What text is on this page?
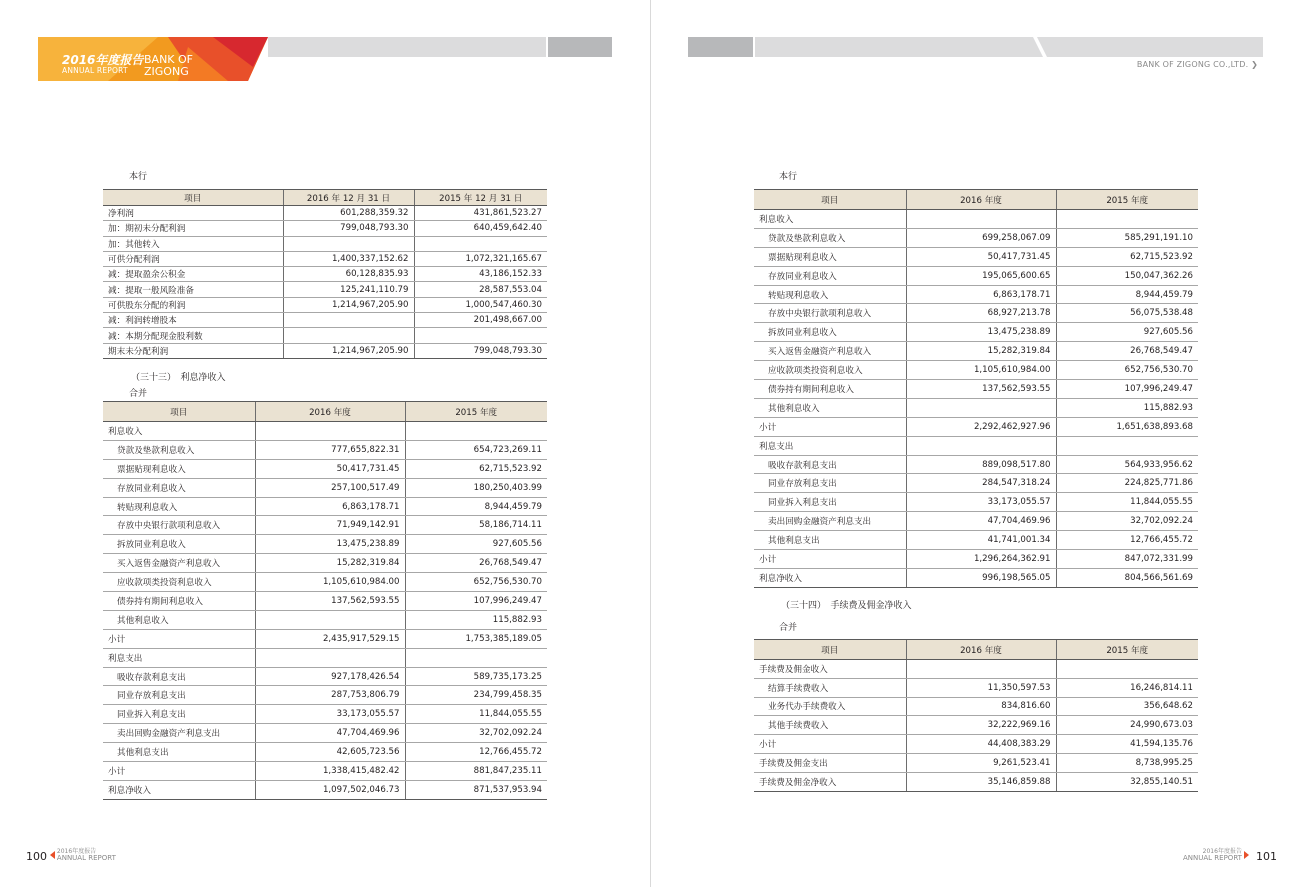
2016年度报告
ANNUAL REPORT
BANK OF
ZIGONG
本行
项目	2016 年 12 月 31 日	2015 年 12 月 31 日
净利润	601,288,359.32	431,861,523.27
加：期初未分配利润	799,048,793.30	640,459,642.40
加：其他转入		
可供分配利润	1,400,337,152.62	1,072,321,165.67
减：提取盈余公积金	60,128,835.93	43,186,152.33
减：提取一般风险准备	125,241,110.79	28,587,553.04
可供股东分配的利润	1,214,967,205.90	1,000,547,460.30
减：利润转增股本		201,498,667.00
减：本期分配现金股利数		
期末未分配利润	1,214,967,205.90	799,048,793.30
（三十三）　利息净收入
合并
项目	2016 年度	2015 年度
利息收入		
贷款及垫款利息收入	777,655,822.31	654,723,269.11
票据贴现利息收入	50,417,731.45	62,715,523.92
存放同业利息收入	257,100,517.49	180,250,403.99
转贴现利息收入	6,863,178.71	8,944,459.79
存放中央银行款项利息收入	71,949,142.91	58,186,714.11
拆放同业利息收入	13,475,238.89	927,605.56
买入返售金融资产利息收入	15,282,319.84	26,768,549.47
应收款项类投资利息收入	1,105,610,984.00	652,756,530.70
债券持有期间利息收入	137,562,593.55	107,996,249.47
其他利息收入		115,882.93
小计	2,435,917,529.15	1,753,385,189.05
利息支出		
吸收存款利息支出	927,178,426.54	589,735,173.25
同业存放利息支出	287,753,806.79	234,799,458.35
同业拆入利息支出	33,173,055.57	11,844,055.55
卖出回购金融资产利息支出	47,704,469.96	32,702,092.24
其他利息支出	42,605,723.56	12,766,455.72
小计	1,338,415,482.42	881,847,235.11
利息净收入	1,097,502,046.73	871,537,953.94
100
2016年度报告
ANNUAL REPORT
BANK OF ZIGONG CO.,LTD. ❯
本行
项目	2016 年度	2015 年度
利息收入		
贷款及垫款利息收入	699,258,067.09	585,291,191.10
票据贴现利息收入	50,417,731.45	62,715,523.92
存放同业利息收入	195,065,600.65	150,047,362.26
转贴现利息收入	6,863,178.71	8,944,459.79
存放中央银行款项利息收入	68,927,213.78	56,075,538.48
拆放同业利息收入	13,475,238.89	927,605.56
买入返售金融资产利息收入	15,282,319.84	26,768,549.47
应收款项类投资利息收入	1,105,610,984.00	652,756,530.70
债券持有期间利息收入	137,562,593.55	107,996,249.47
其他利息收入		115,882.93
小计	2,292,462,927.96	1,651,638,893.68
利息支出		
吸收存款利息支出	889,098,517.80	564,933,956.62
同业存放利息支出	284,547,318.24	224,825,771.86
同业拆入利息支出	33,173,055.57	11,844,055.55
卖出回购金融资产利息支出	47,704,469.96	32,702,092.24
其他利息支出	41,741,001.34	12,766,455.72
小计	1,296,264,362.91	847,072,331.99
利息净收入	996,198,565.05	804,566,561.69
（三十四）　手续费及佣金净收入
合并
项目	2016 年度	2015 年度
手续费及佣金收入		
结算手续费收入	11,350,597.53	16,246,814.11
业务代办手续费收入	834,816.60	356,648.62
其他手续费收入	32,222,969.16	24,990,673.03
小计	44,408,383.29	41,594,135.76
手续费及佣金支出	9,261,523.41	8,738,995.25
手续费及佣金净收入	35,146,859.88	32,855,140.51
2016年度报告
ANNUAL REPORT
101
